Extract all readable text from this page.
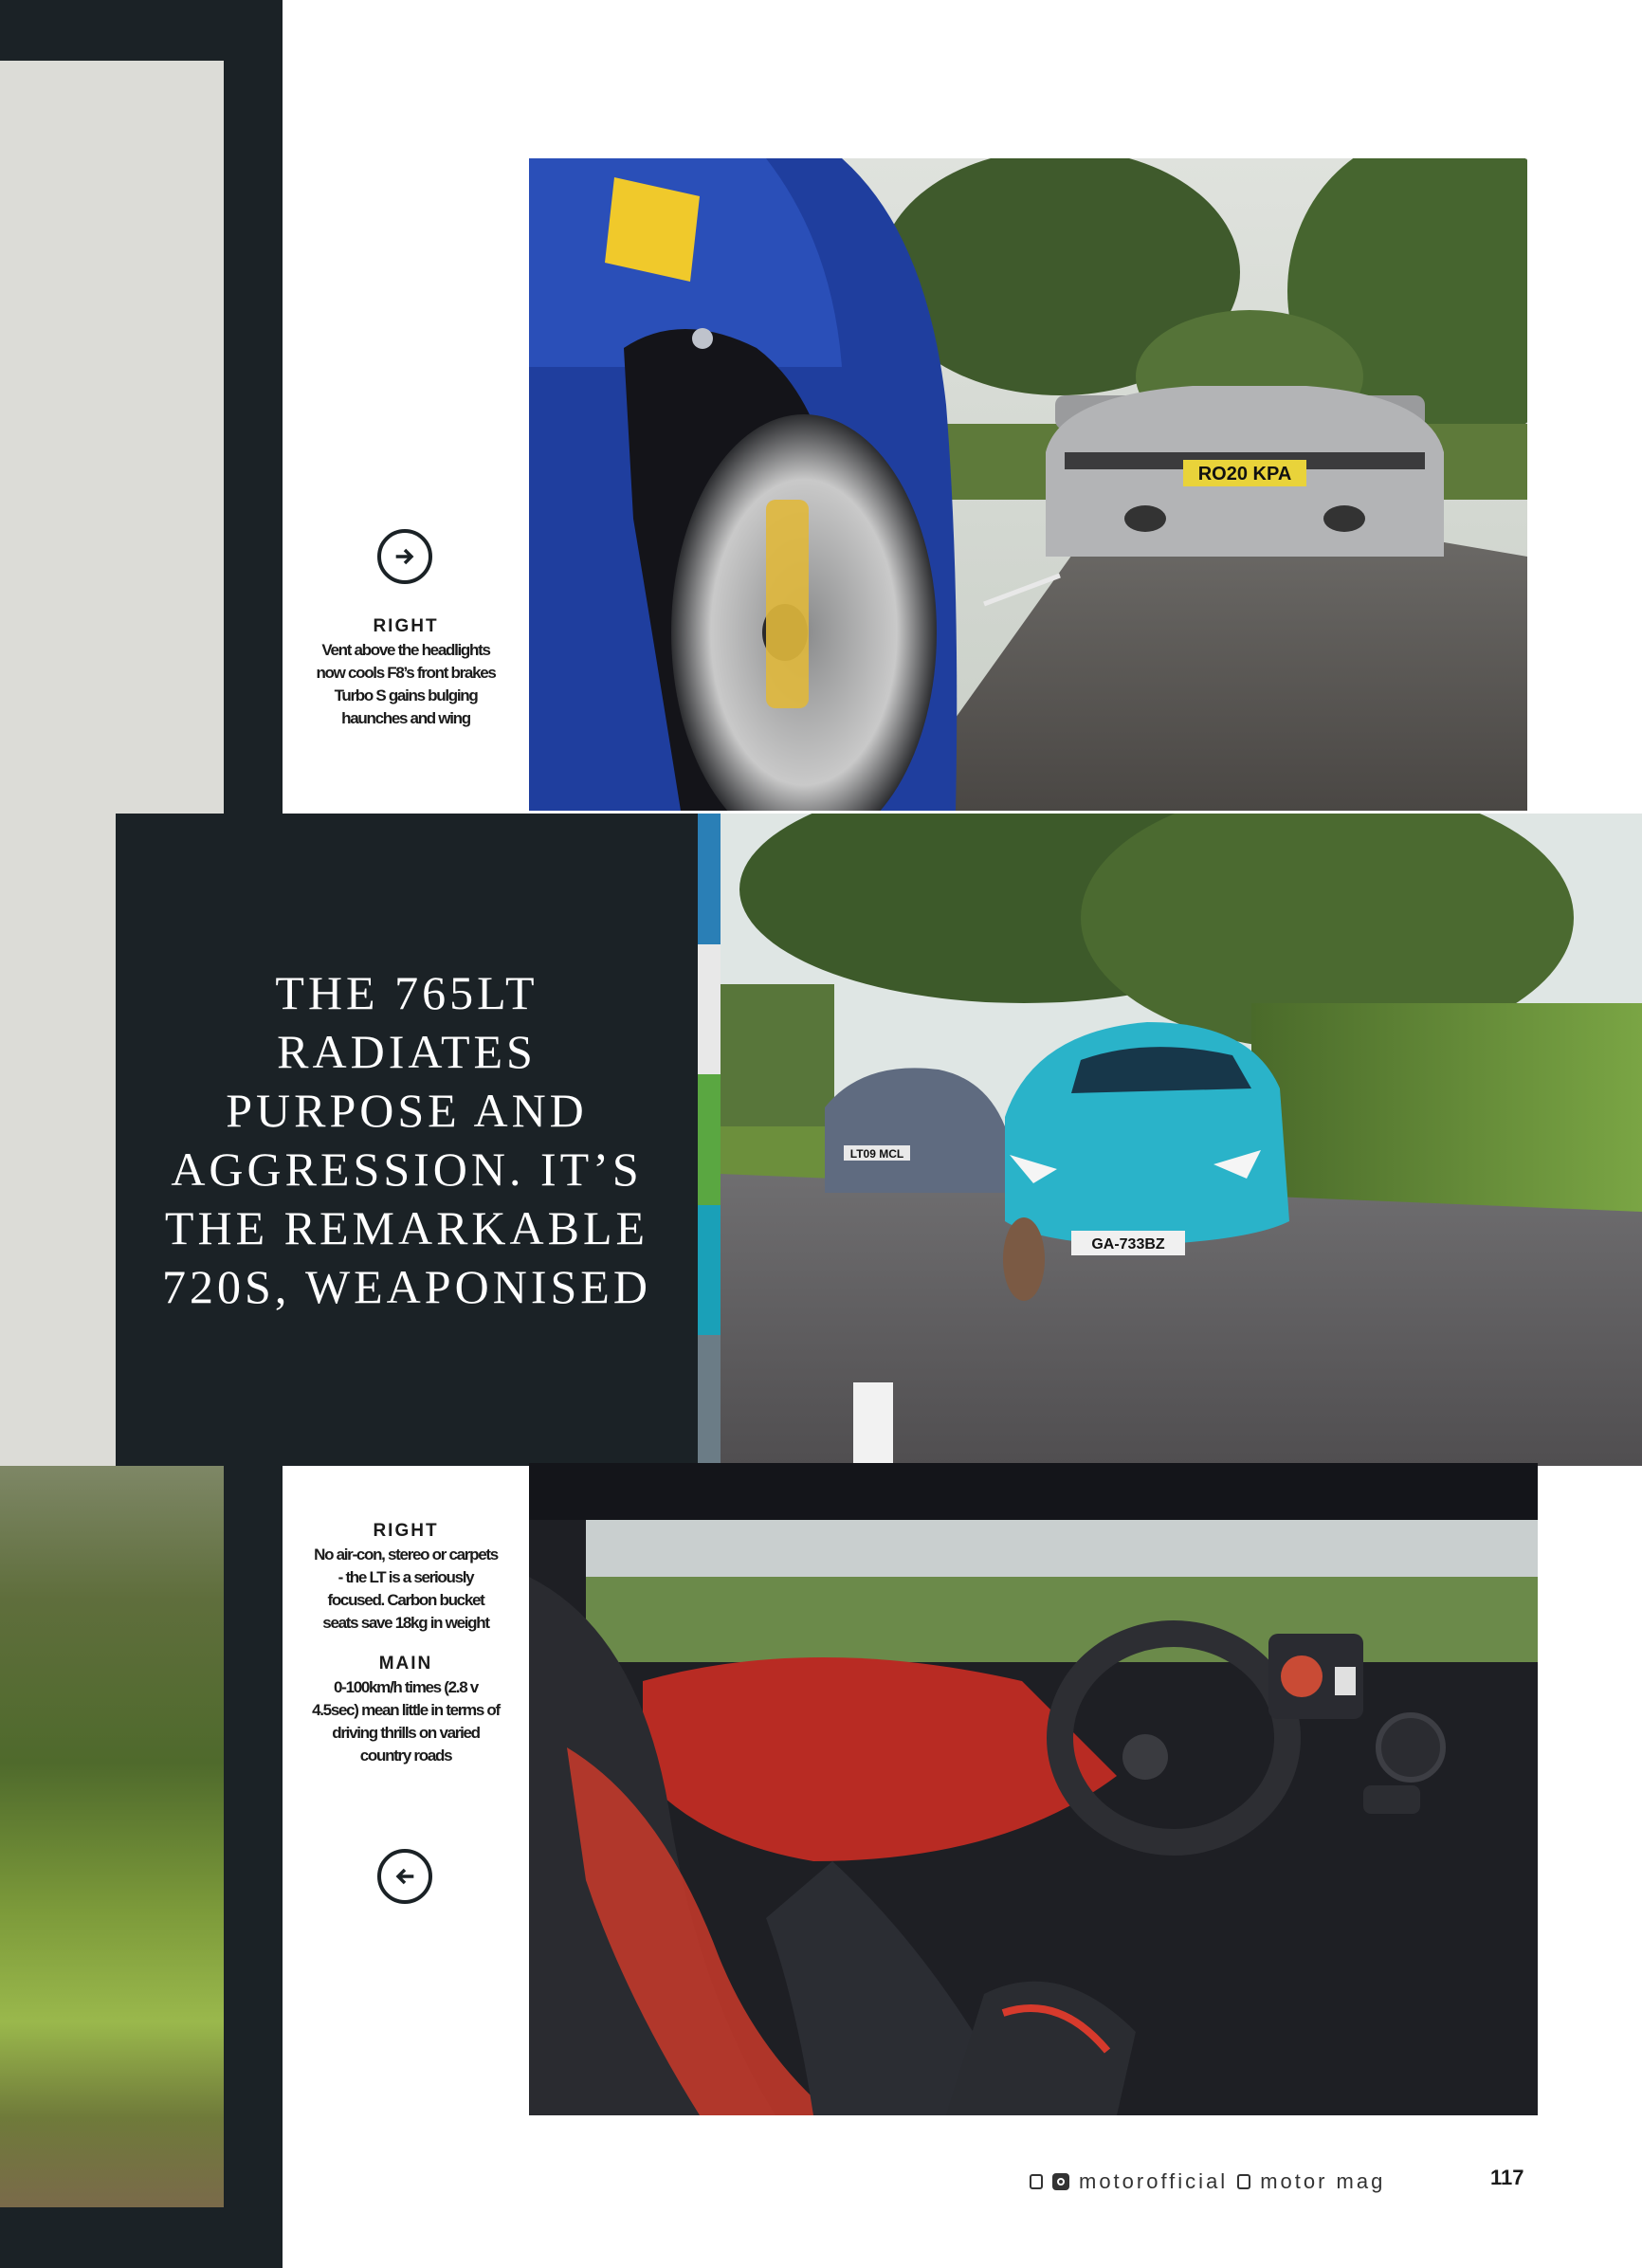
RO20 KPA
RIGHT
Vent above the headlights now cools F8’s front brakes Turbo S gains bulging haunches and wing
THE 765LT RADIATES PURPOSE AND AGGRESSION. IT’S THE REMARKABLE 720S, WEAPONISED
LT09 MCL
GA-733BZ
RIGHT
No air-con, stereo or carpets - the LT is a seriously focused. Carbon bucket seats save 18kg in weight
MAIN
0-100km/h times (2.8 v 4.5sec) mean little in terms of driving thrills on varied country roads
motorofficial motor mag	117
